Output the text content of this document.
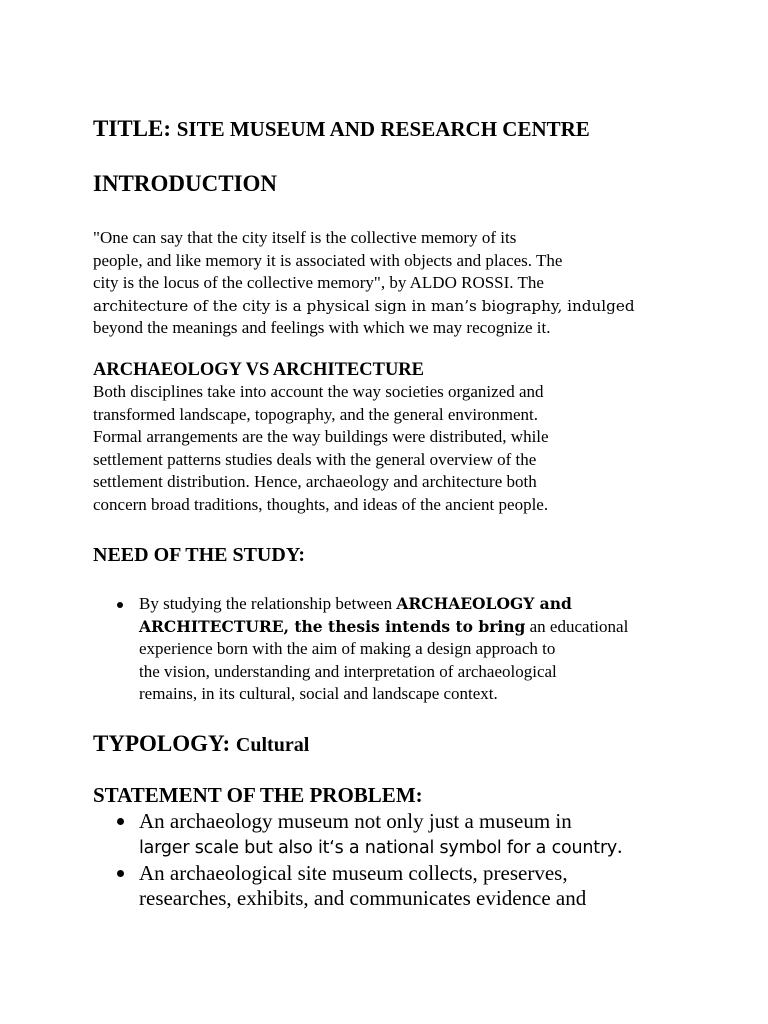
TITLE: SITE MUSEUM AND RESEARCH CENTRE
INTRODUCTION
"One can say that the city itself is the collective memory of its
people, and like memory it is associated with objects and places. The
city is the locus of the collective memory", by ALDO ROSSI. The
architecture of the city is a physical sign in man’s biography, indulged
beyond the meanings and feelings with which we may recognize it.
ARCHAEOLOGY VS ARCHITECTURE
Both disciplines take into account the way societies organized and
transformed landscape, topography, and the general environment.
Formal arrangements are the way buildings were distributed, while
settlement patterns studies deals with the general overview of the
settlement distribution. Hence, archaeology and architecture both
concern broad traditions, thoughts, and ideas of the ancient people.
NEED OF THE STUDY:
By studying the relationship between ARCHAEOLOGY and
ARCHITECTURE, the thesis intends to bring an educational
experience born with the aim of making a design approach to
the vision, understanding and interpretation of archaeological
remains, in its cultural, social and landscape context.
TYPOLOGY: Cultural
STATEMENT OF THE PROBLEM:
An archaeology museum not only just a museum in
larger scale but also it‘s a national symbol for a country.
An archaeological site museum collects, preserves,
researches, exhibits, and communicates evidence and
